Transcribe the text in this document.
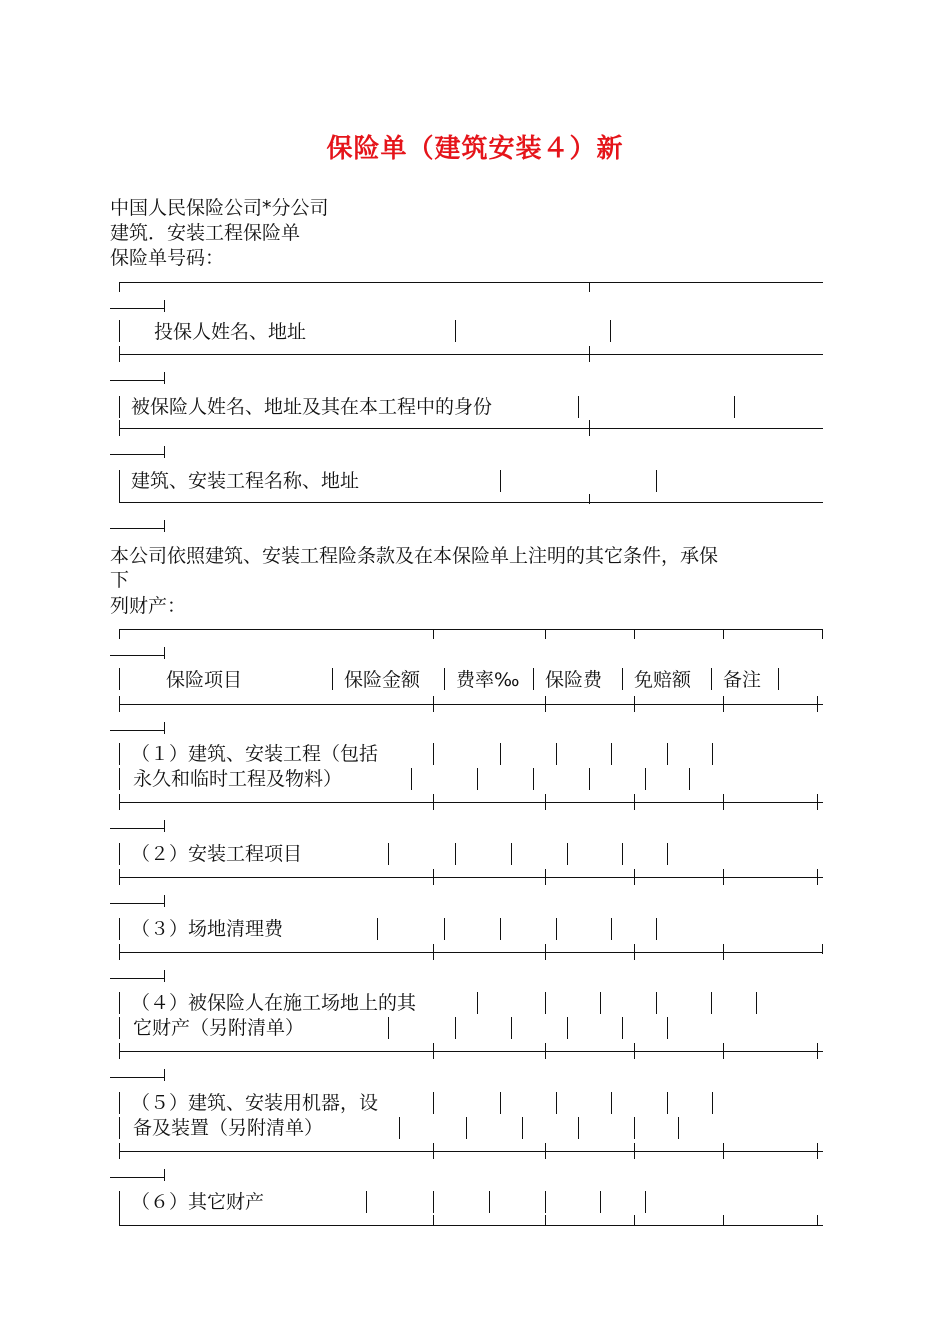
保险单（建筑安装４）新
中国人民保险公司*分公司
建筑．安装工程保险单
保险单号码：
投保人姓名、地址
被保险人姓名、地址及其在本工程中的身份
建筑、安装工程名称、地址
本公司依照建筑、安装工程险条款及在本保险单上注明的其它条件，承保
下
列财产：
保险项目	保险金额 费率‰ 保险费 免赔额 备注
（１）建筑、安装工程（包括
永久和临时工程及物料）
（２）安装工程项目
（３）场地清理费
（４）被保险人在施工场地上的其
它财产（另附清单）
（５）建筑、安装用机器，设
备及装置（另附清单）
（６）其它财产
